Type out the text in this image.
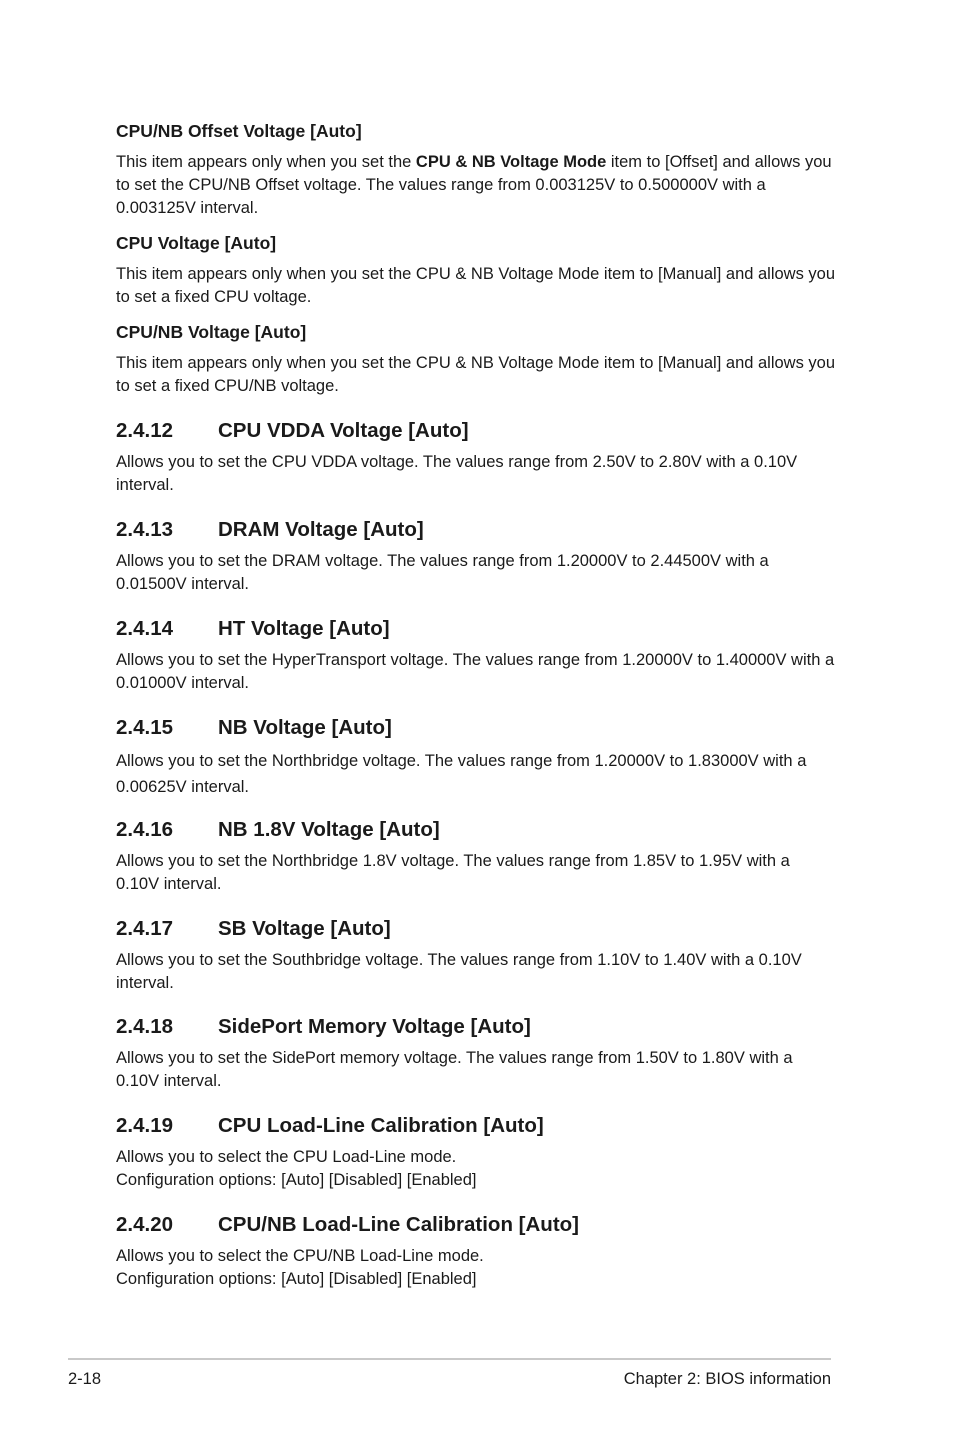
CPU/NB Offset Voltage [Auto]

This item appears only when you set the CPU & NB Voltage Mode item to [Offset] and allows you to set the CPU/NB Offset voltage. The values range from 0.003125V to 0.500000V with a 0.003125V interval.

CPU Voltage [Auto]

This item appears only when you set the CPU & NB Voltage Mode item to [Manual] and allows you to set a fixed CPU voltage.

CPU/NB Voltage [Auto]

This item appears only when you set the CPU & NB Voltage Mode item to [Manual] and allows you to set a fixed CPU/NB voltage.

2.4.12 CPU VDDA Voltage [Auto]

Allows you to set the CPU VDDA voltage. The values range from 2.50V to 2.80V with a 0.10V interval.

2.4.13 DRAM Voltage [Auto]

Allows you to set the DRAM voltage. The values range from 1.20000V to 2.44500V with a 0.01500V interval.

2.4.14 HT Voltage [Auto]

Allows you to set the HyperTransport voltage. The values range from 1.20000V to 1.40000V with a 0.01000V interval.

2.4.15 NB Voltage [Auto]

Allows you to set the Northbridge voltage. The values range from 1.20000V to 1.83000V with a 0.00625V interval.

2.4.16 NB 1.8V Voltage [Auto]

Allows you to set the Northbridge 1.8V voltage. The values range from 1.85V to 1.95V with a 0.10V interval.

2.4.17 SB Voltage [Auto]

Allows you to set the Southbridge voltage. The values range from 1.10V to 1.40V with a 0.10V interval.

2.4.18 SidePort Memory Voltage [Auto]

Allows you to set the SidePort memory voltage. The values range from 1.50V to 1.80V with a 0.10V interval.

2.4.19 CPU Load-Line Calibration [Auto]

Allows you to select the CPU Load-Line mode.
Configuration options: [Auto] [Disabled] [Enabled]

2.4.20 CPU/NB Load-Line Calibration [Auto]

Allows you to select the CPU/NB Load-Line mode.
Configuration options: [Auto] [Disabled] [Enabled]

2-18	Chapter 2: BIOS information
